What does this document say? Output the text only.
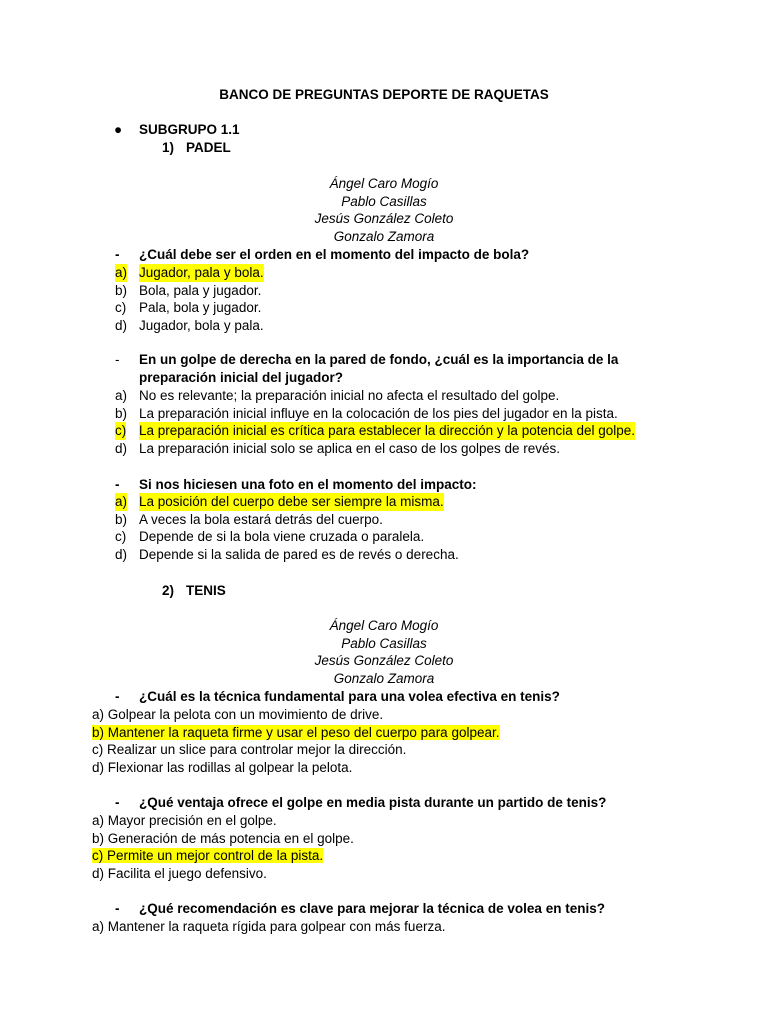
BANCO DE PREGUNTAS DEPORTE DE RAQUETAS
● SUBGRUPO 1.1
1) PADEL
Ángel Caro Mogío
Pablo Casillas
Jesús González Coleto
Gonzalo Zamora
- ¿Cuál debe ser el orden en el momento del impacto de bola?
a) Jugador, pala y bola.
b) Bola, pala y jugador.
c) Pala, bola y jugador.
d) Jugador, bola y pala.
- En un golpe de derecha en la pared de fondo, ¿cuál es la importancia de la preparación inicial del jugador?
a) No es relevante; la preparación inicial no afecta el resultado del golpe.
b) La preparación inicial influye en la colocación de los pies del jugador en la pista.
c) La preparación inicial es crítica para establecer la dirección y la potencia del golpe.
d) La preparación inicial solo se aplica en el caso de los golpes de revés.
- Si nos hiciesen una foto en el momento del impacto:
a) La posición del cuerpo debe ser siempre la misma.
b) A veces la bola estará detrás del cuerpo.
c) Depende de si la bola viene cruzada o paralela.
d) Depende si la salida de pared es de revés o derecha.
2) TENIS
Ángel Caro Mogío
Pablo Casillas
Jesús González Coleto
Gonzalo Zamora
- ¿Cuál es la técnica fundamental para una volea efectiva en tenis?
a) Golpear la pelota con un movimiento de drive.
b) Mantener la raqueta firme y usar el peso del cuerpo para golpear.
c) Realizar un slice para controlar mejor la dirección.
d) Flexionar las rodillas al golpear la pelota.
- ¿Qué ventaja ofrece el golpe en media pista durante un partido de tenis?
a) Mayor precisión en el golpe.
b) Generación de más potencia en el golpe.
c) Permite un mejor control de la pista.
d) Facilita el juego defensivo.
- ¿Qué recomendación es clave para mejorar la técnica de volea en tenis?
a) Mantener la raqueta rígida para golpear con más fuerza.
